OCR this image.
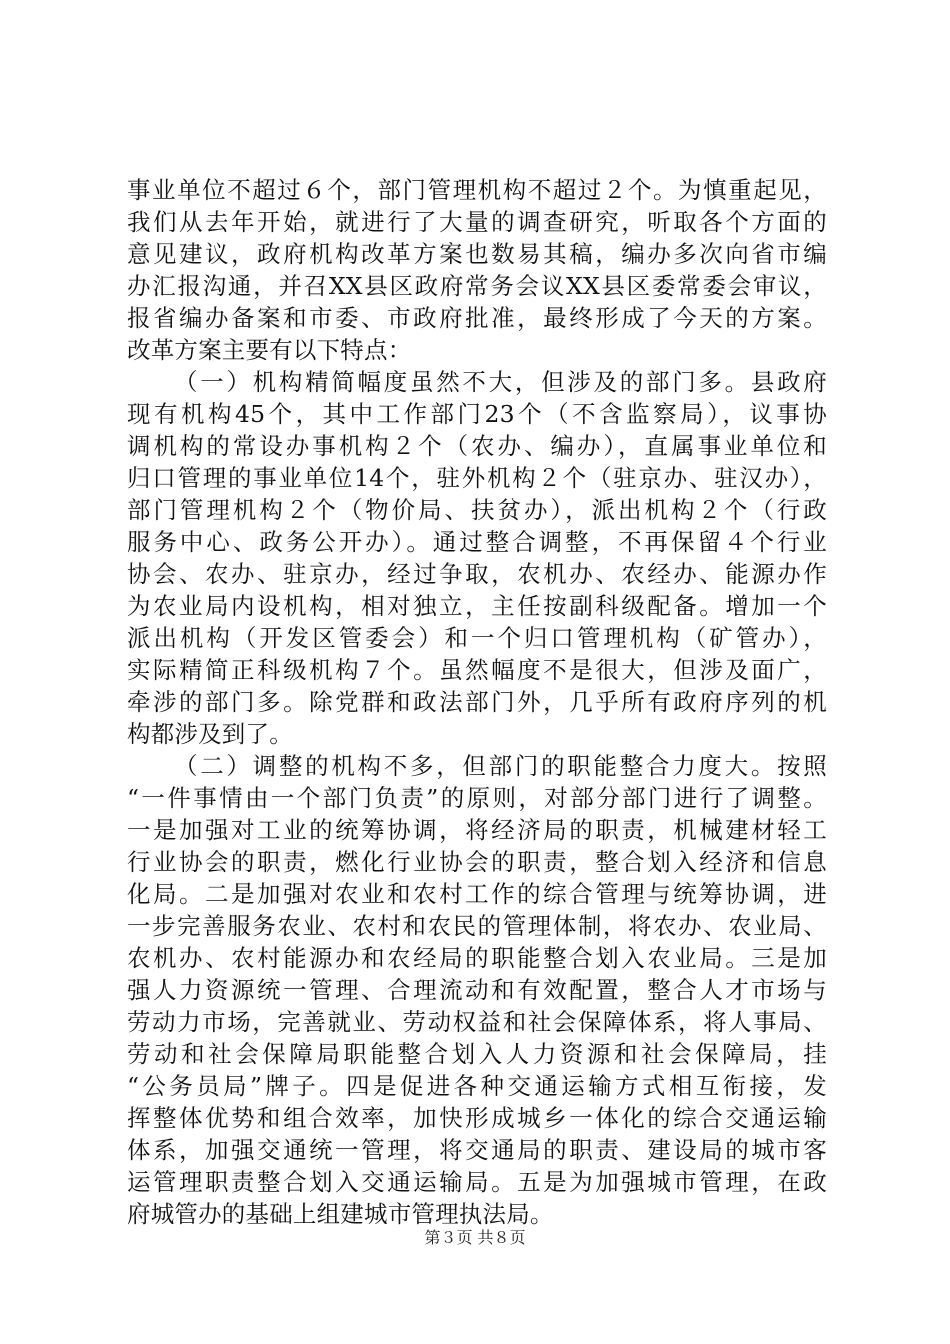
事业单位不超过６个，部门管理机构不超过２个。为慎重起见，
我们从去年开始，就进行了大量的调查研究，听取各个方面的
意见建议，政府机构改革方案也数易其稿，编办多次向省市编
办汇报沟通，并召XX县区政府常务会议XX县区委常委会审议，
报省编办备案和市委、市政府批准，最终形成了今天的方案。
改革方案主要有以下特点：
（一）机构精简幅度虽然不大，但涉及的部门多。县政府
现有机构45个，其中工作部门23个（不含监察局），议事协
调机构的常设办事机构２个（农办、编办），直属事业单位和
归口管理的事业单位14个，驻外机构２个（驻京办、驻汉办），
部门管理机构２个（物价局、扶贫办），派出机构２个（行政
服务中心、政务公开办）。通过整合调整，不再保留４个行业
协会、农办、驻京办，经过争取，农机办、农经办、能源办作
为农业局内设机构，相对独立，主任按副科级配备。增加一个
派出机构（开发区管委会）和一个归口管理机构（矿管办），
实际精简正科级机构７个。虽然幅度不是很大，但涉及面广，
牵涉的部门多。除党群和政法部门外，几乎所有政府序列的机
构都涉及到了。
（二）调整的机构不多，但部门的职能整合力度大。按照
“一件事情由一个部门负责”的原则，对部分部门进行了调整。
一是加强对工业的统筹协调，将经济局的职责，机械建材轻工
行业协会的职责，燃化行业协会的职责，整合划入经济和信息
化局。二是加强对农业和农村工作的综合管理与统筹协调，进
一步完善服务农业、农村和农民的管理体制，将农办、农业局、
农机办、农村能源办和农经局的职能整合划入农业局。三是加
强人力资源统一管理、合理流动和有效配置，整合人才市场与
劳动力市场，完善就业、劳动权益和社会保障体系，将人事局、
劳动和社会保障局职能整合划入人力资源和社会保障局，挂
“公务员局”牌子。四是促进各种交通运输方式相互衔接，发
挥整体优势和组合效率，加快形成城乡一体化的综合交通运输
体系，加强交通统一管理，将交通局的职责、建设局的城市客
运管理职责整合划入交通运输局。五是为加强城市管理，在政
府城管办的基础上组建城市管理执法局。
第３页 共８页
